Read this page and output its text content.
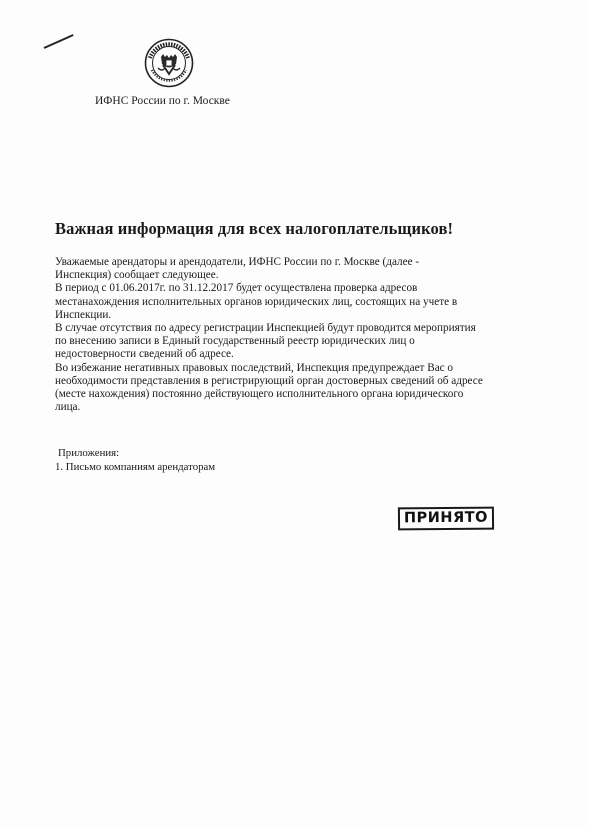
ИФНС России по г. Москве
Важная информация для всех налогоплательщиков!

Уважаемые арендаторы и арендодатели, ИФНС России по г. Москве (далее -
Инспекция) сообщает следующее.

В период с 01.06.2017г. по 31.12.2017 будет осуществлена проверка адресов
местанахождения исполнительных органов юридических лиц, состоящих на учете в
Инспекции.

В случае отсутствия по адресу регистрации Инспекцией будут проводится мероприятия
по внесению записи в Единый государственный реестр юридических лиц о
недостоверности сведений об адресе.

Во избежание негативных правовых последствий, Инспекция предупреждает Вас о
необходимости представления в регистрирующий орган достоверных сведений об адресе
(месте нахождения) постоянно действующего исполнительного органа юридического
лица.

Приложения:
1. Письмо компаниям арендаторам
ПРИНЯТО
